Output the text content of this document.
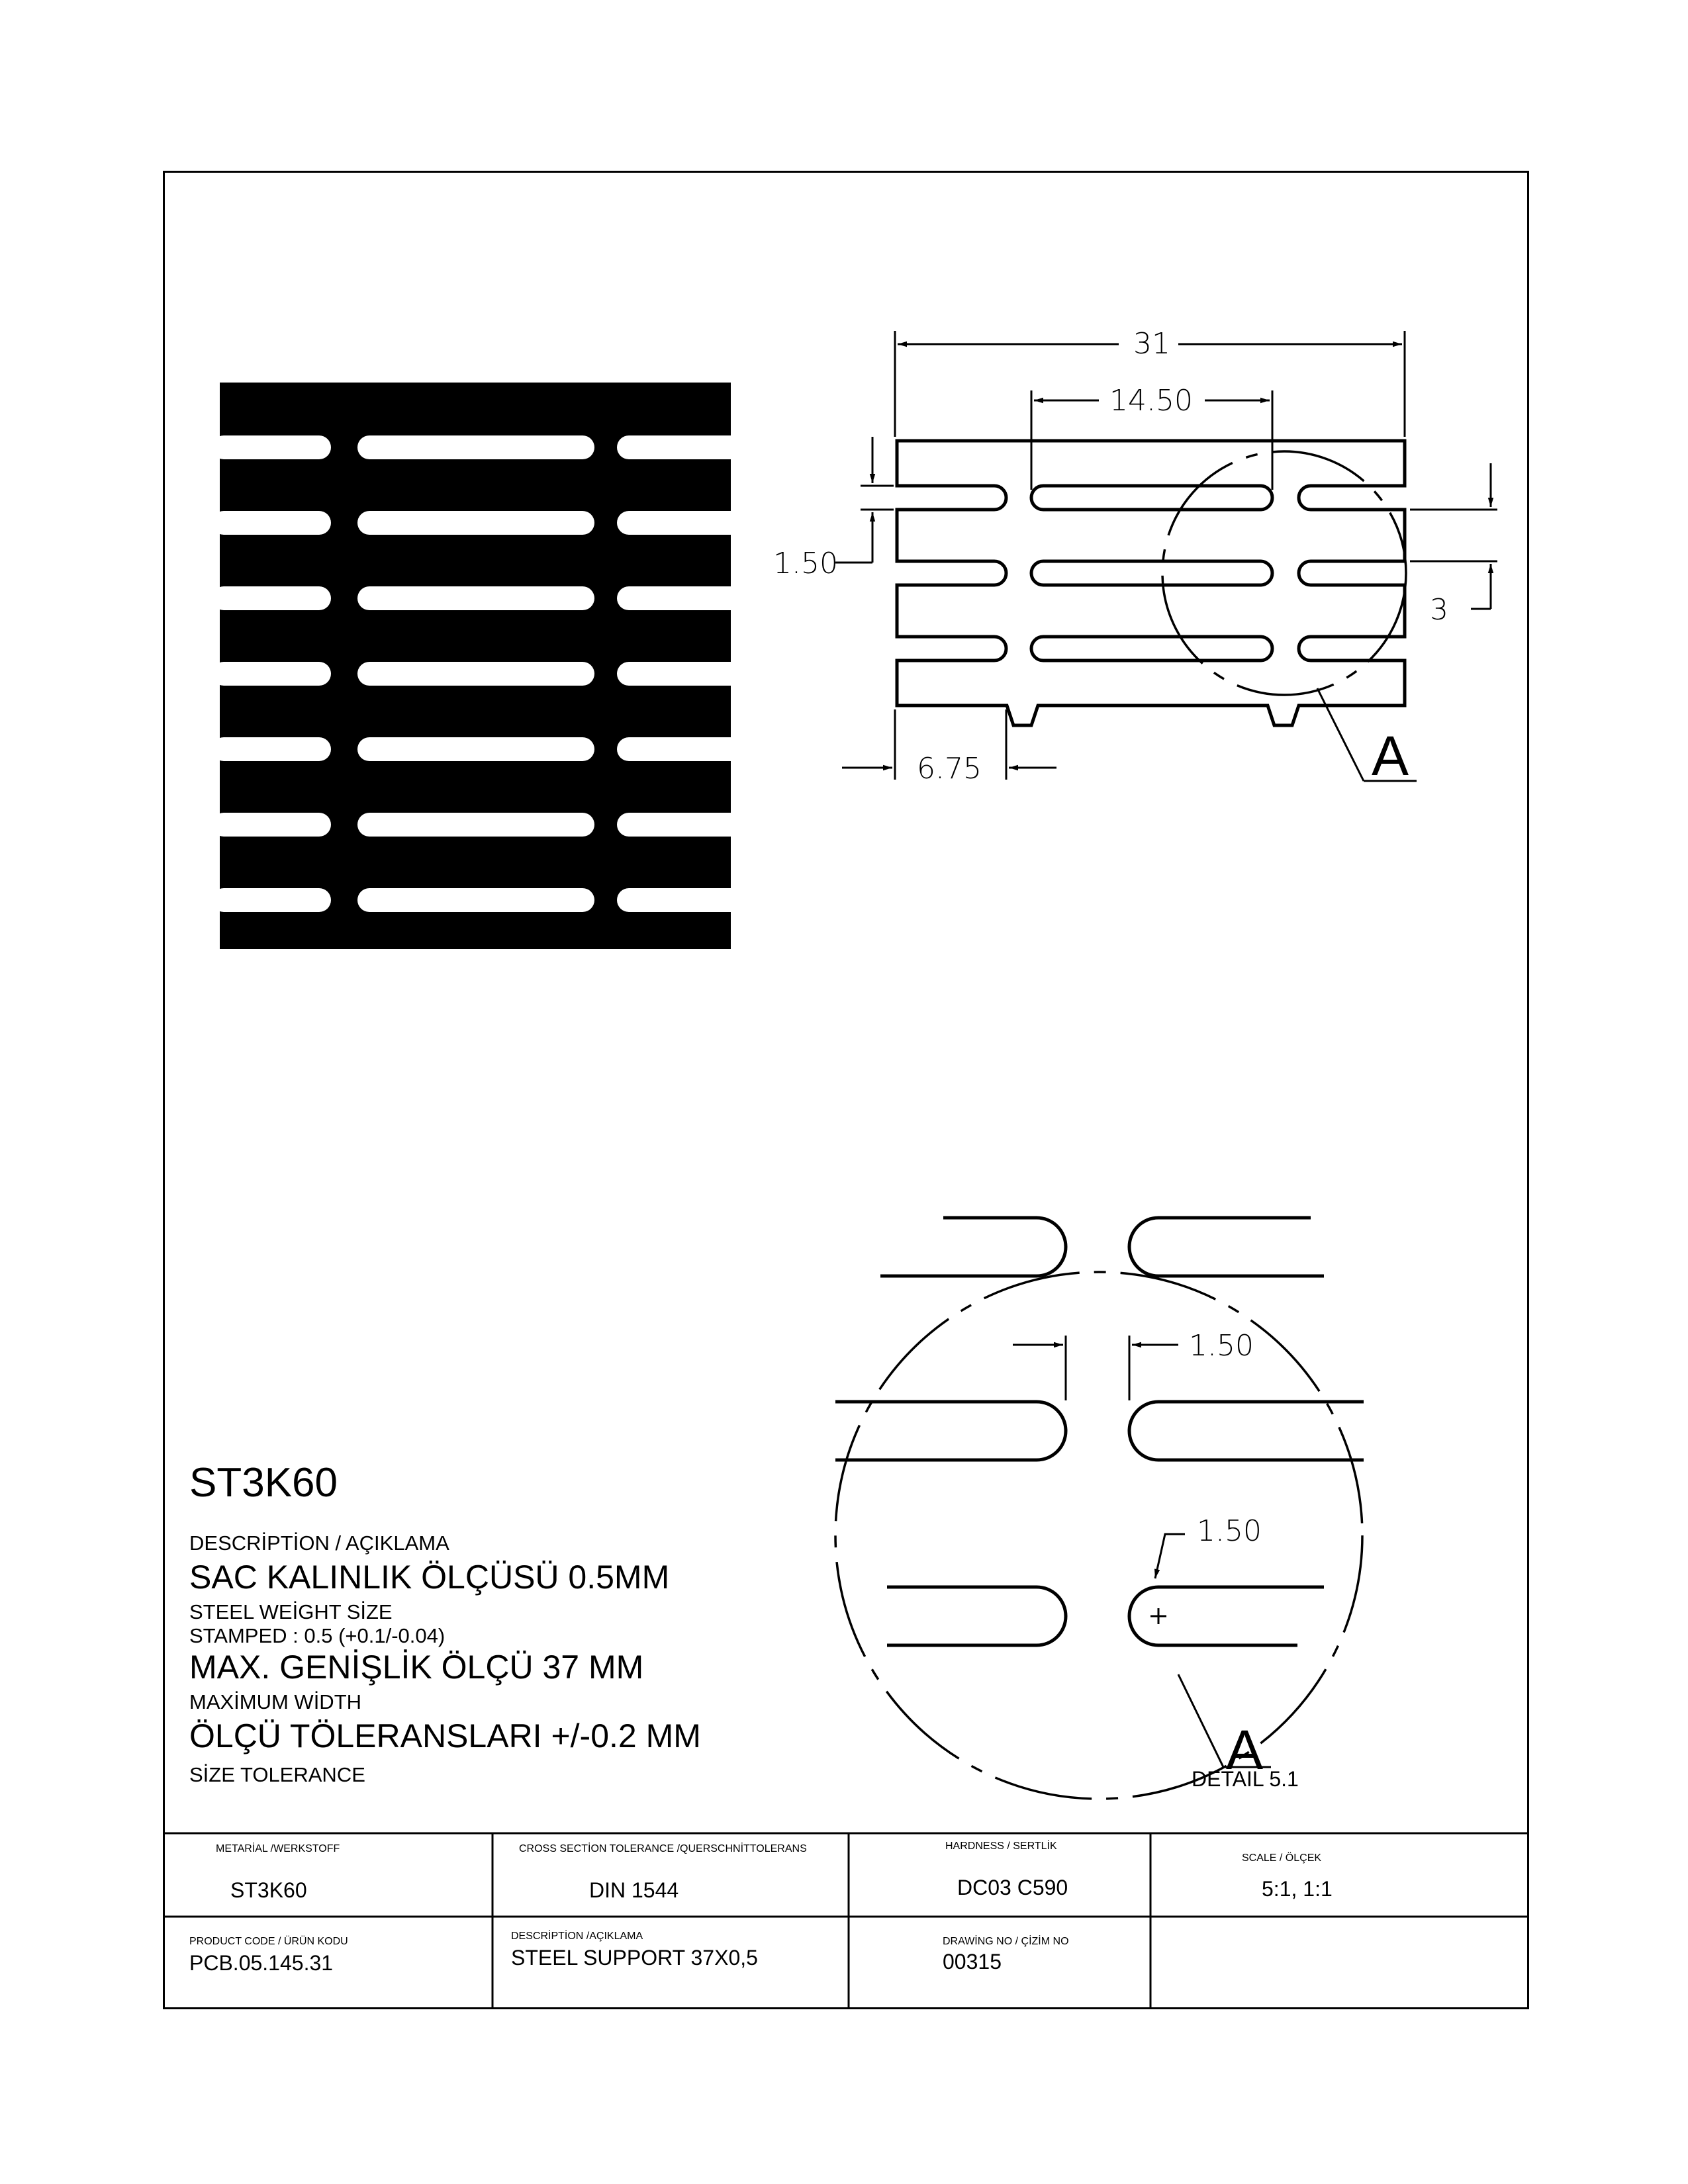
31
14.50
1.50
3
6.75	A
1.50
1.50
A
DETAIL 5.1
ST3K60
DESCRİPTİON / AÇIKLAMA
SAC KALINLIK ÖLÇÜSÜ 0.5MM
STEEL WEİGHT SİZE
STAMPED : 0.5 (+0.1/-0.04)
MAX. GENİŞLİK ÖLÇÜ 37 MM
MAXİMUM WİDTH
ÖLÇÜ TÖLERANSLARI +/-0.2 MM
SİZE TOLERANCE
METARİAL /WERKSTOFF
ST3K60
CROSS SECTİON TOLERANCE /QUERSCHNİTTOLERANS
DIN 1544
HARDNESS / SERTLİK
DC03 C590
SCALE / ÖLÇEK
5:1, 1:1
PRODUCT CODE / ÜRÜN KODU
PCB.05.145.31
DESCRİPTİON /AÇIKLAMA
STEEL SUPPORT 37X0,5
DRAWİNG NO / ÇİZİM NO
00315
